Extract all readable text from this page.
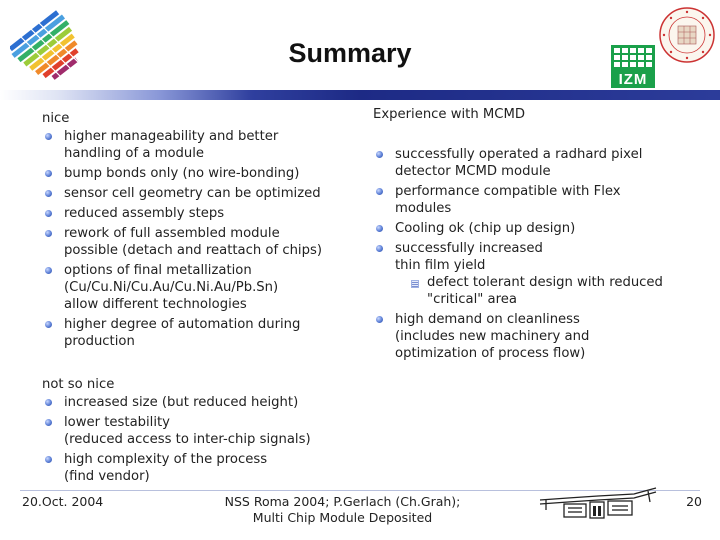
Summary
IZM
nice
higher manageability and better
handling of a module
bump bonds only (no wire-bonding)
sensor cell geometry can be optimized
reduced assembly steps
rework of full assembled module
possible (detach and reattach of chips)
options of final metallization
(Cu/Cu.Ni/Cu.Au/Cu.Ni.Au/Pb.Sn)
allow different technologies
higher degree of automation during
production
not so nice
increased size (but reduced height)
lower testability
(reduced access to inter-chip signals)
high complexity of the process
(find vendor)
Experience with MCMD
successfully operated a radhard pixel
detector MCMD module
performance compatible with Flex
modules
Cooling ok (chip up design)
successfully increased
thin film yield
defect tolerant design with reduced
"critical" area
high demand on cleanliness
(includes new machinery and
optimization of process flow)
20.Oct. 2004	NSS Roma 2004; P.Gerlach (Ch.Grah);
Multi Chip Module Deposited
20
